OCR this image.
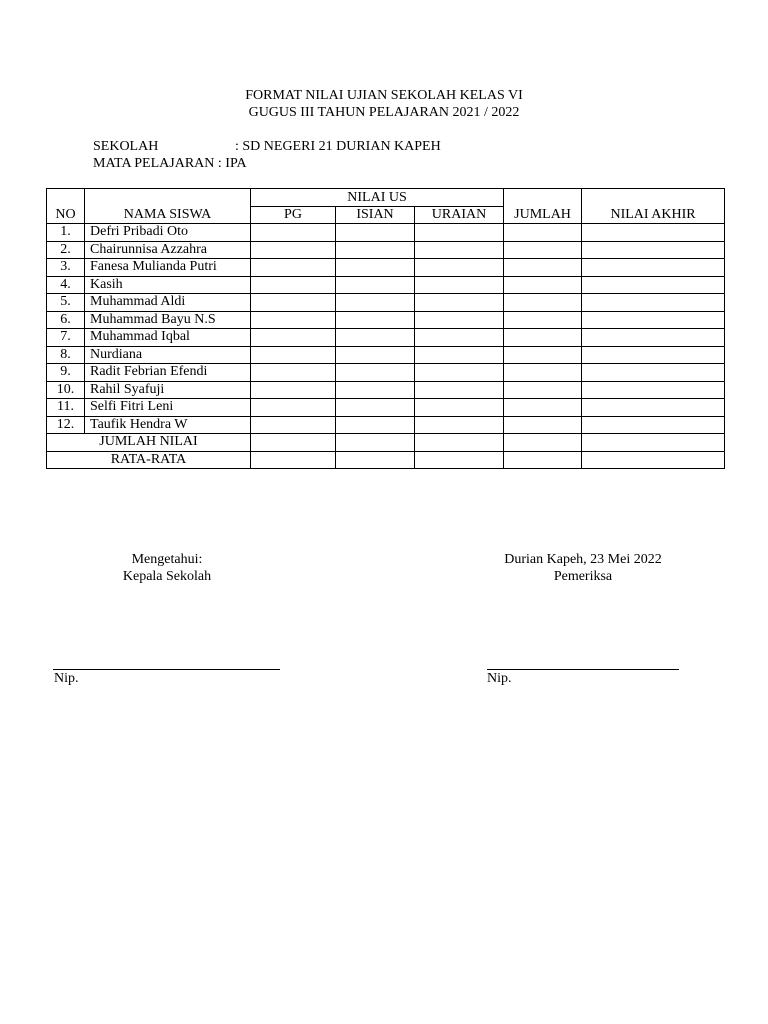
FORMAT NILAI UJIAN SEKOLAH KELAS VI
GUGUS III TAHUN PELAJARAN 2021 / 2022
SEKOLAH	: SD NEGERI 21 DURIAN KAPEH
MATA PELAJARAN : IPA
NO	NAMA SISWA	NILAI US			JUMLAH	NILAI AKHIR
		PG	ISIAN	URAIAN		
1.	Defri Pribadi Oto					
2.	Chairunnisa Azzahra					
3.	Fanesa Mulianda Putri					
4.	Kasih					
5.	Muhammad Aldi					
6.	Muhammad Bayu N.S					
7.	Muhammad Iqbal					
8.	Nurdiana					
9.	Radit Febrian Efendi					
10.	Rahil Syafuji					
11.	Selfi Fitri Leni					
12.	Taufik Hendra W					
JUMLAH NILAI						
RATA-RATA						
Mengetahui:
Kepala Sekolah
Durian Kapeh, 23 Mei 2022
Pemeriksa
Nip.	Nip.
